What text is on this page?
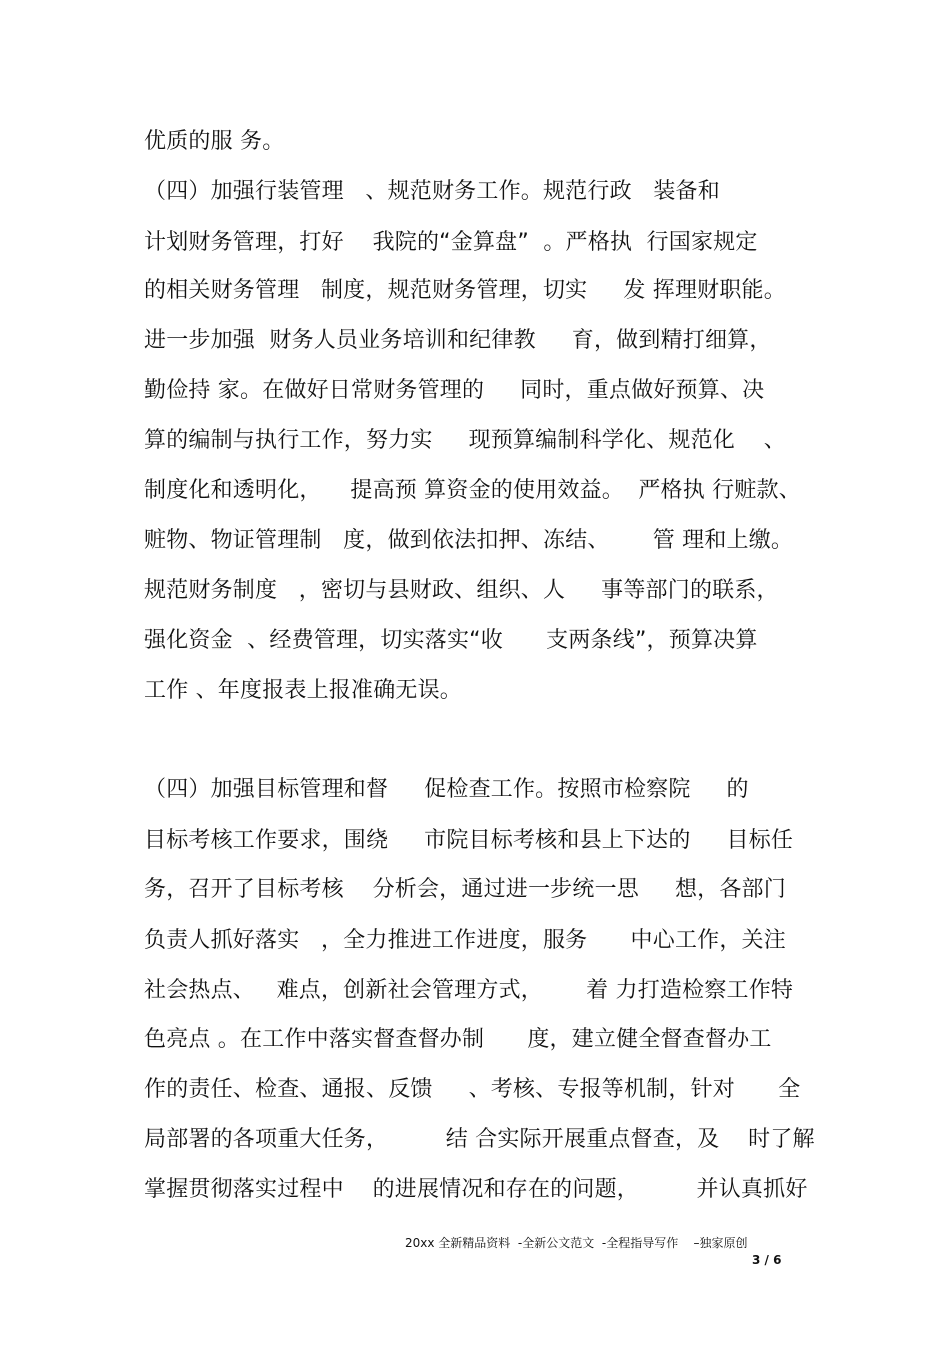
优质的服 务。
（四）加强行装管理   、规范财务工作。规范行政   装备和
计划财务管理，打好    我院的“金算盘”  。严格执  行国家规定
的相关财务管理   制度，规范财务管理，切实     发 挥理财职能。
进一步加强  财务人员业务培训和纪律教     育，做到精打细算，
勤俭持 家。在做好日常财务管理的     同时，重点做好预算、决
算的编制与执行工作，努力实     现预算编制科学化、规范化    、
制度化和透明化，    提高预 算资金的使用效益。  严格执 行赃款、
赃物、物证管理制   度，做到依法扣押、冻结、      管 理和上缴。
规范财务制度   ，密切与县财政、组织、人     事等部门的联系，
强化资金  、经费管理，切实落实“收      支两条线”，预算决算
工作 、年度报表上报准确无误。
（四）加强目标管理和督     促检查工作。按照市检察院     的
目标考核工作要求，围绕     市院目标考核和县上下达的     目标任
务，召开了目标考核    分析会，通过进一步统一思     想，各部门
负责人抓好落实   ，全力推进工作进度，服务      中心工作，关注
社会热点、   难点，创新社会管理方式，      着 力打造检察工作特
色亮点 。在工作中落实督查督办制      度，建立健全督查督办工
作的责任、检查、通报、反馈     、考核、专报等机制，针对      全
局部署的各项重大任务，        结 合实际开展重点督查，及    时了解
掌握贯彻落实过程中    的进展情况和存在的问题，        并认真抓好
20xx 全新精品资料  -全新公文范文  -全程指导写作    –独家原创
3 / 6
